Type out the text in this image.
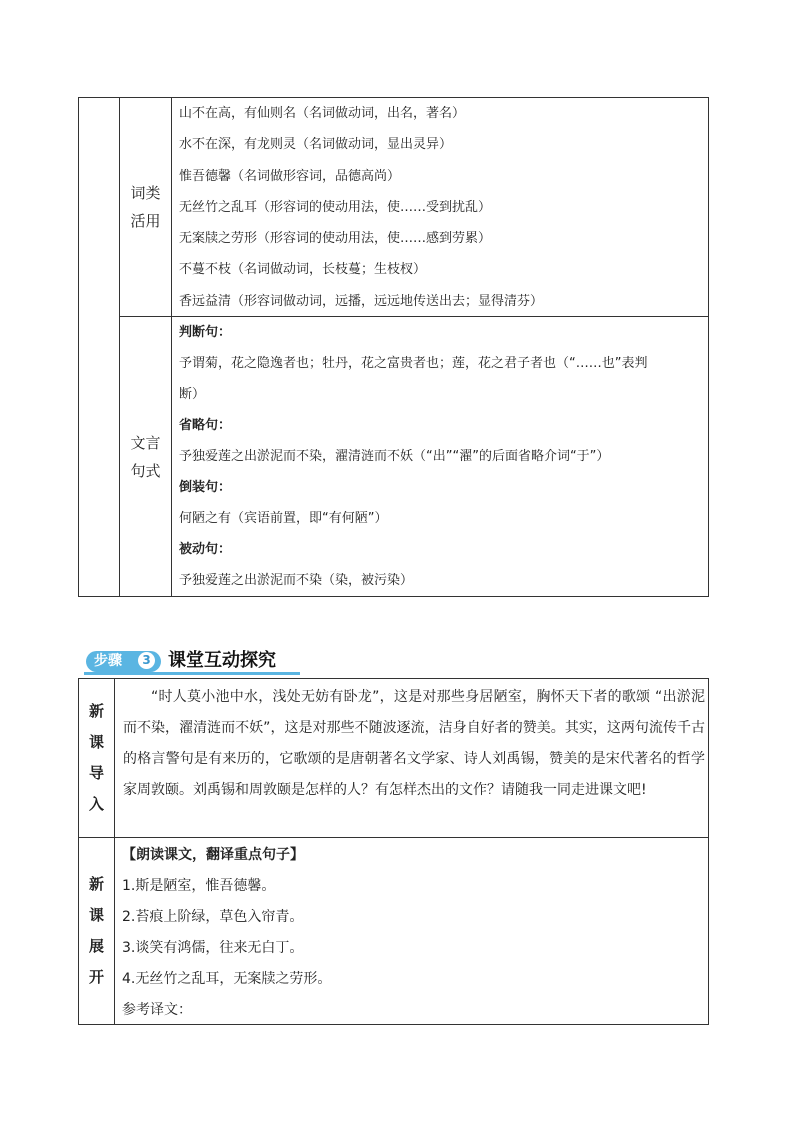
词类
活用
山不在高，有仙则名（名词做动词，出名，著名）
水不在深，有龙则灵（名词做动词，显出灵异）
惟吾德馨（名词做形容词，品德高尚）
无丝竹之乱耳（形容词的使动用法，使……受到扰乱）
无案牍之劳形（形容词的使动用法，使……感到劳累）
不蔓不枝（名词做动词，长枝蔓；生枝杈）
香远益清（形容词做动词，远播，远远地传送出去；显得清芬）
文言
句式
判断句：
予谓菊，花之隐逸者也；牡丹，花之富贵者也；莲，花之君子者也（“……也”表判
断）
省略句：
予独爱莲之出淤泥而不染，濯清涟而不妖（“出”“濯”的后面省略介词“于”）
倒装句：
何陋之有（宾语前置，即“有何陋”）
被动句：
予独爱莲之出淤泥而不染（染，被污染）
步骤	3 课堂互动探究
新
课
导
入

“时人莫小池中水，浅处无妨有卧龙”，这是对那些身居陋室，胸怀天下者的歌颂 “出淤泥而不染，濯清涟而不妖”，这是对那些不随波逐流，洁身自好者的赞美。其实，这两句流传千古的格言警句是有来历的，它歌颂的是唐朝著名文学家、诗人刘禹锡，赞美的是宋代著名的哲学家周敦颐。刘禹锡和周敦颐是怎样的人？有怎样杰出的文作？请随我一同走进课文吧!

新
课
展
开
【朗读课文，翻译重点句子】
1.斯是陋室，惟吾德馨。
2.苔痕上阶绿，草色入帘青。
3.谈笑有鸿儒，往来无白丁。
4.无丝竹之乱耳，无案牍之劳形。
参考译文：
